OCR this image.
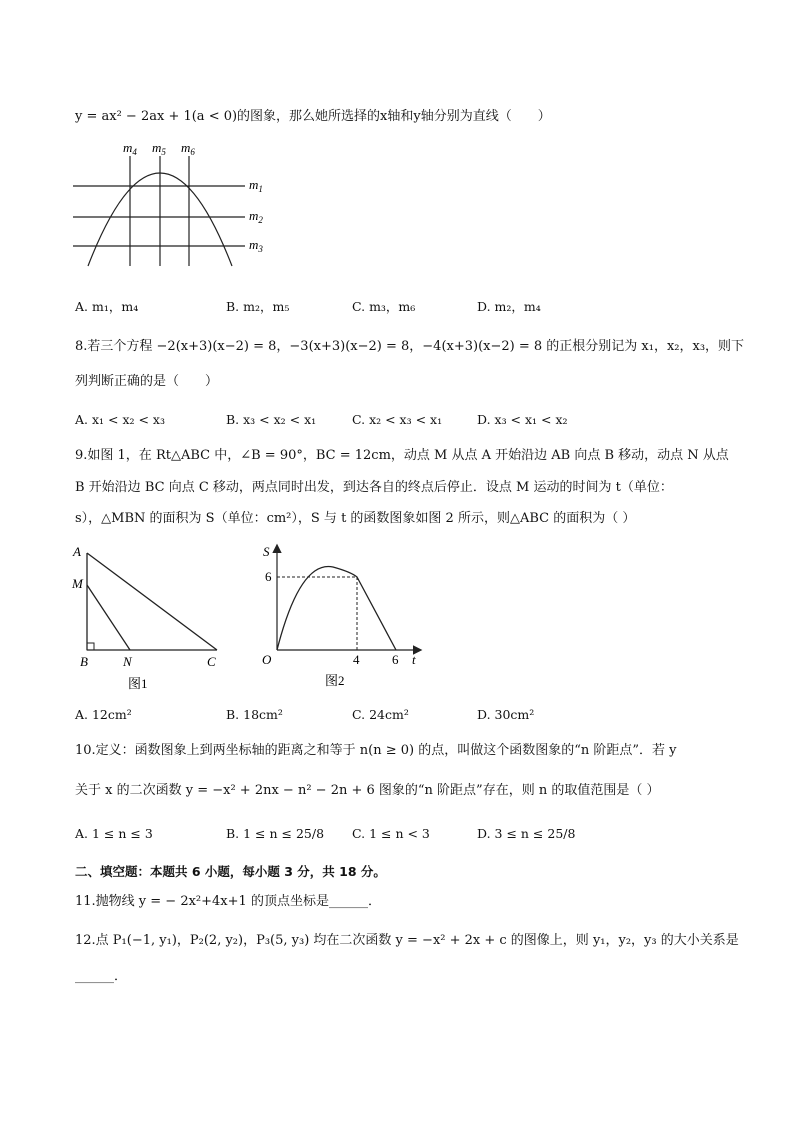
y = ax² − 2ax + 1(a < 0)的图象，那么她所选择的x轴和y轴分别为直线（　　）
$m_4$ $m_5$ $m_6$
$m_1$
$m_2$
$m_3$
A. m₁，m₄	B. m₂，m₅	C. m₃，m₆	D. m₂，m₄
8.若三个方程 −2(x+3)(x−2) = 8，−3(x+3)(x−2) = 8，−4(x+3)(x−2) = 8 的正根分别记为 x₁，x₂，x₃，则下
列判断正确的是（　　）
A. x₁ < x₂ < x₃	B. x₃ < x₂ < x₁	C. x₂ < x₃ < x₁	D. x₃ < x₁ < x₂
9.如图 1，在 Rt△ABC 中，∠B = 90°，BC = 12cm，动点 M 从点 A 开始沿边 AB 向点 B 移动，动点 N 从点
B 开始沿边 BC 向点 C 移动，两点同时出发，到达各自的终点后停止．设点 M 运动的时间为 t（单位：
s），△MBN 的面积为 S（单位：cm²），S 与 t 的函数图象如图 2 所示，则△ABC 的面积为（ ）
A
M
B	N	C
图1
S
6
O	4	6 t
图2
A. 12cm²	B. 18cm²	C. 24cm²	D. 30cm²
10.定义：函数图象上到两坐标轴的距离之和等于 n(n ≥ 0) 的点，叫做这个函数图象的“n 阶距点”．若 y
关于 x 的二次函数 y = −x² + 2nx − n² − 2n + 6 图象的“n 阶距点”存在，则 n 的取值范围是（ ）
A. 1 ≤ n ≤ 3	B. 1 ≤ n ≤ 25/8 C. 1 ≤ n < 3	D. 3 ≤ n ≤ 25/8
二、填空题：本题共 6 小题，每小题 3 分，共 18 分。
11.抛物线 y = − 2x²+4x+1 的顶点坐标是______．
12.点 P₁(−1, y₁)，P₂(2, y₂)，P₃(5, y₃) 均在二次函数 y = −x² + 2x + c 的图像上，则 y₁，y₂，y₃ 的大小关系是
______．
